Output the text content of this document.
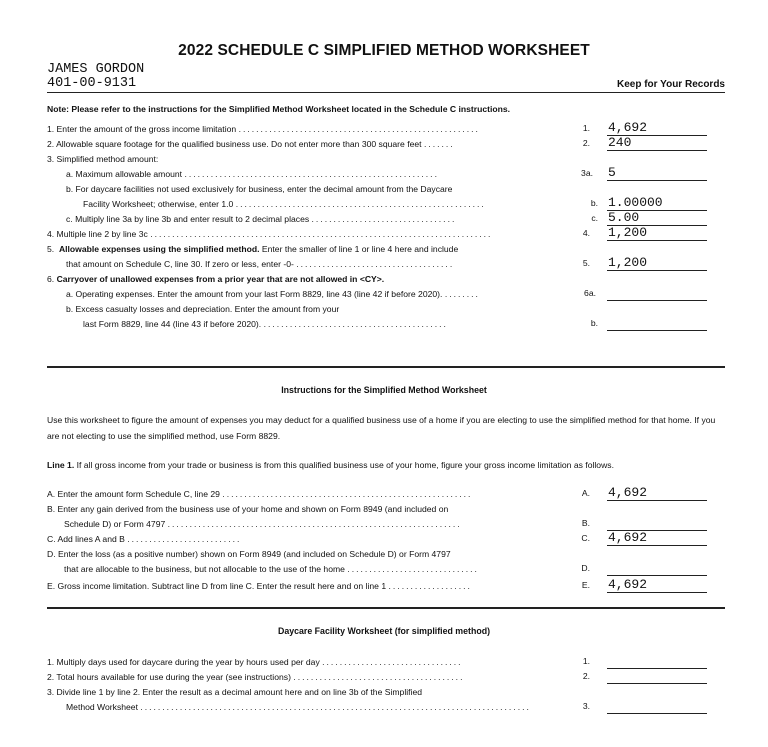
2022 SCHEDULE C SIMPLIFIED METHOD WORKSHEET
JAMES GORDON
401-00-9131	Keep for Your Records
Note: Please refer to the instructions for the Simplified Method Worksheet located in the Schedule C instructions.
1. Enter the amount of the gross income limitation .......................................................	1. 4,692
2. Allowable square footage for the qualified business use. Do not enter more than 300 square feet .......	2. 240
3. Simplified method amount:
a. Maximum allowable amount ..........................................................	3a. 5
b. For daycare facilities not used exclusively for business, enter the decimal amount from the Daycare
Facility Worksheet; otherwise, enter 1.0 .........................................................	b. 1.00000
c. Multiply line 3a by line 3b and enter result to 2 decimal places .................................	c. 5.00
4. Multiple line 2 by line 3c ..............................................................................	4. 1,200
5.  Allowable expenses using the simplified method. Enter the smaller of line 1 or line 4 here and include
that amount on Schedule C, line 30. If zero or less, enter -0- ....................................	5. 1,200
6. Carryover of unallowed expenses from a prior year that are not allowed in <CY>.
a. Operating expenses. Enter the amount from your last Form 8829, line 43 (line 42 if before 2020). ........	6a.
b. Excess casualty losses and depreciation. Enter the amount from your
last Form 8829, line 44 (line 43 if before 2020). ..........................................	b.
Instructions for the Simplified Method Worksheet
Use this worksheet to figure the amount of expenses you may deduct for a qualified business use of a home if you are electing to use the simplified method for that home. If you are not electing to use the simplified method, use Form 8829.
Line 1. If all gross income from your trade or business is from this qualified business use of your home, figure your gross income limitation as follows.
A. Enter the amount form Schedule C, line 29 .........................................................	A. 4,692
B. Enter any gain derived from the business use of your home and shown on Form 8949 (and included on
Schedule D) or Form 4797 ...................................................................	B.
C. Add lines A and B ..........................	C. 4,692
D. Enter the loss (as a positive number) shown on Form 8949 (and included on Schedule D) or Form 4797
that are allocable to the business, but not allocable to the use of the home ..............................	D.
E. Gross income limitation. Subtract line D from line C. Enter the result here and on line 1 ...................	E. 4,692
Daycare Facility Worksheet (for simplified method)
1. Multiply days used for daycare during the year by hours used per day ................................	1.
2. Total hours available for use during the year (see instructions) .......................................	2.
3. Divide line 1 by line 2. Enter the result as a decimal amount here and on line 3b of the Simplified
Method Worksheet .........................................................................................	3.
